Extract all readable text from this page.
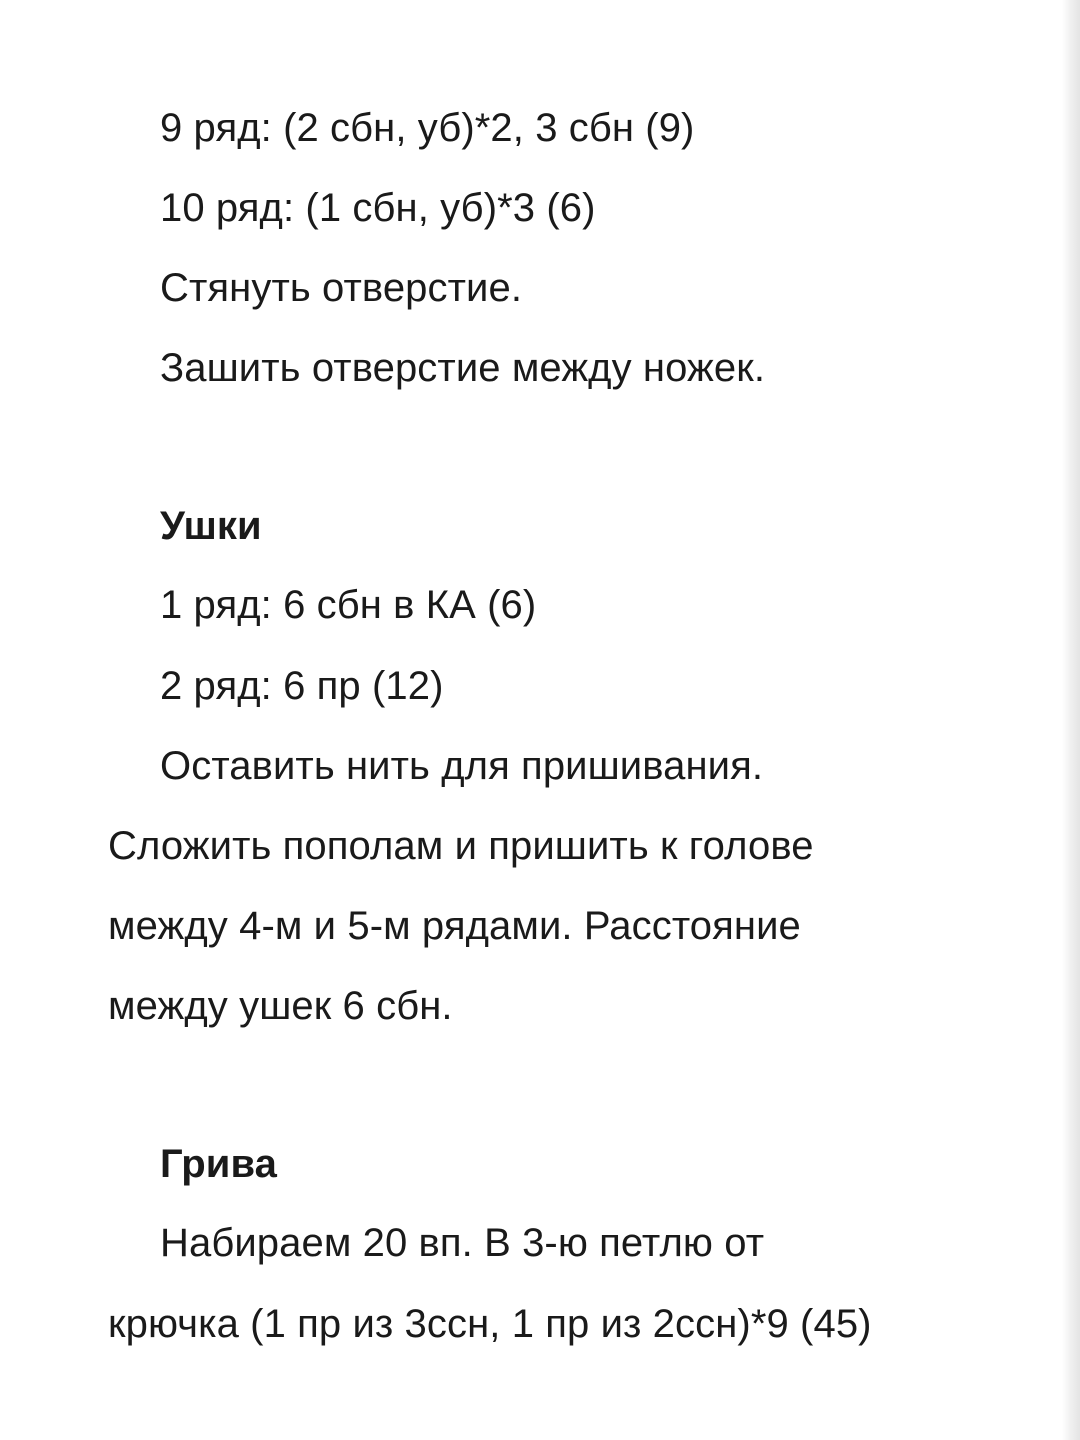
9 ряд: (2 сбн, уб)*2, 3 сбн (9)

10 ряд: (1 сбн, уб)*3 (6)

Стянуть отверстие.

Зашить отверстие между ножек.

Ушки

1 ряд: 6 сбн в КА (6)

2 ряд: 6 пр (12)

Оставить нить для пришивания.

Сложить пополам и пришить к голове

между 4-м и 5-м рядами. Расстояние

между ушек 6 сбн.

Грива

Набираем 20 вп. В 3-ю петлю от

крючка (1 пр из 3ссн, 1 пр из 2ссн)*9 (45)
